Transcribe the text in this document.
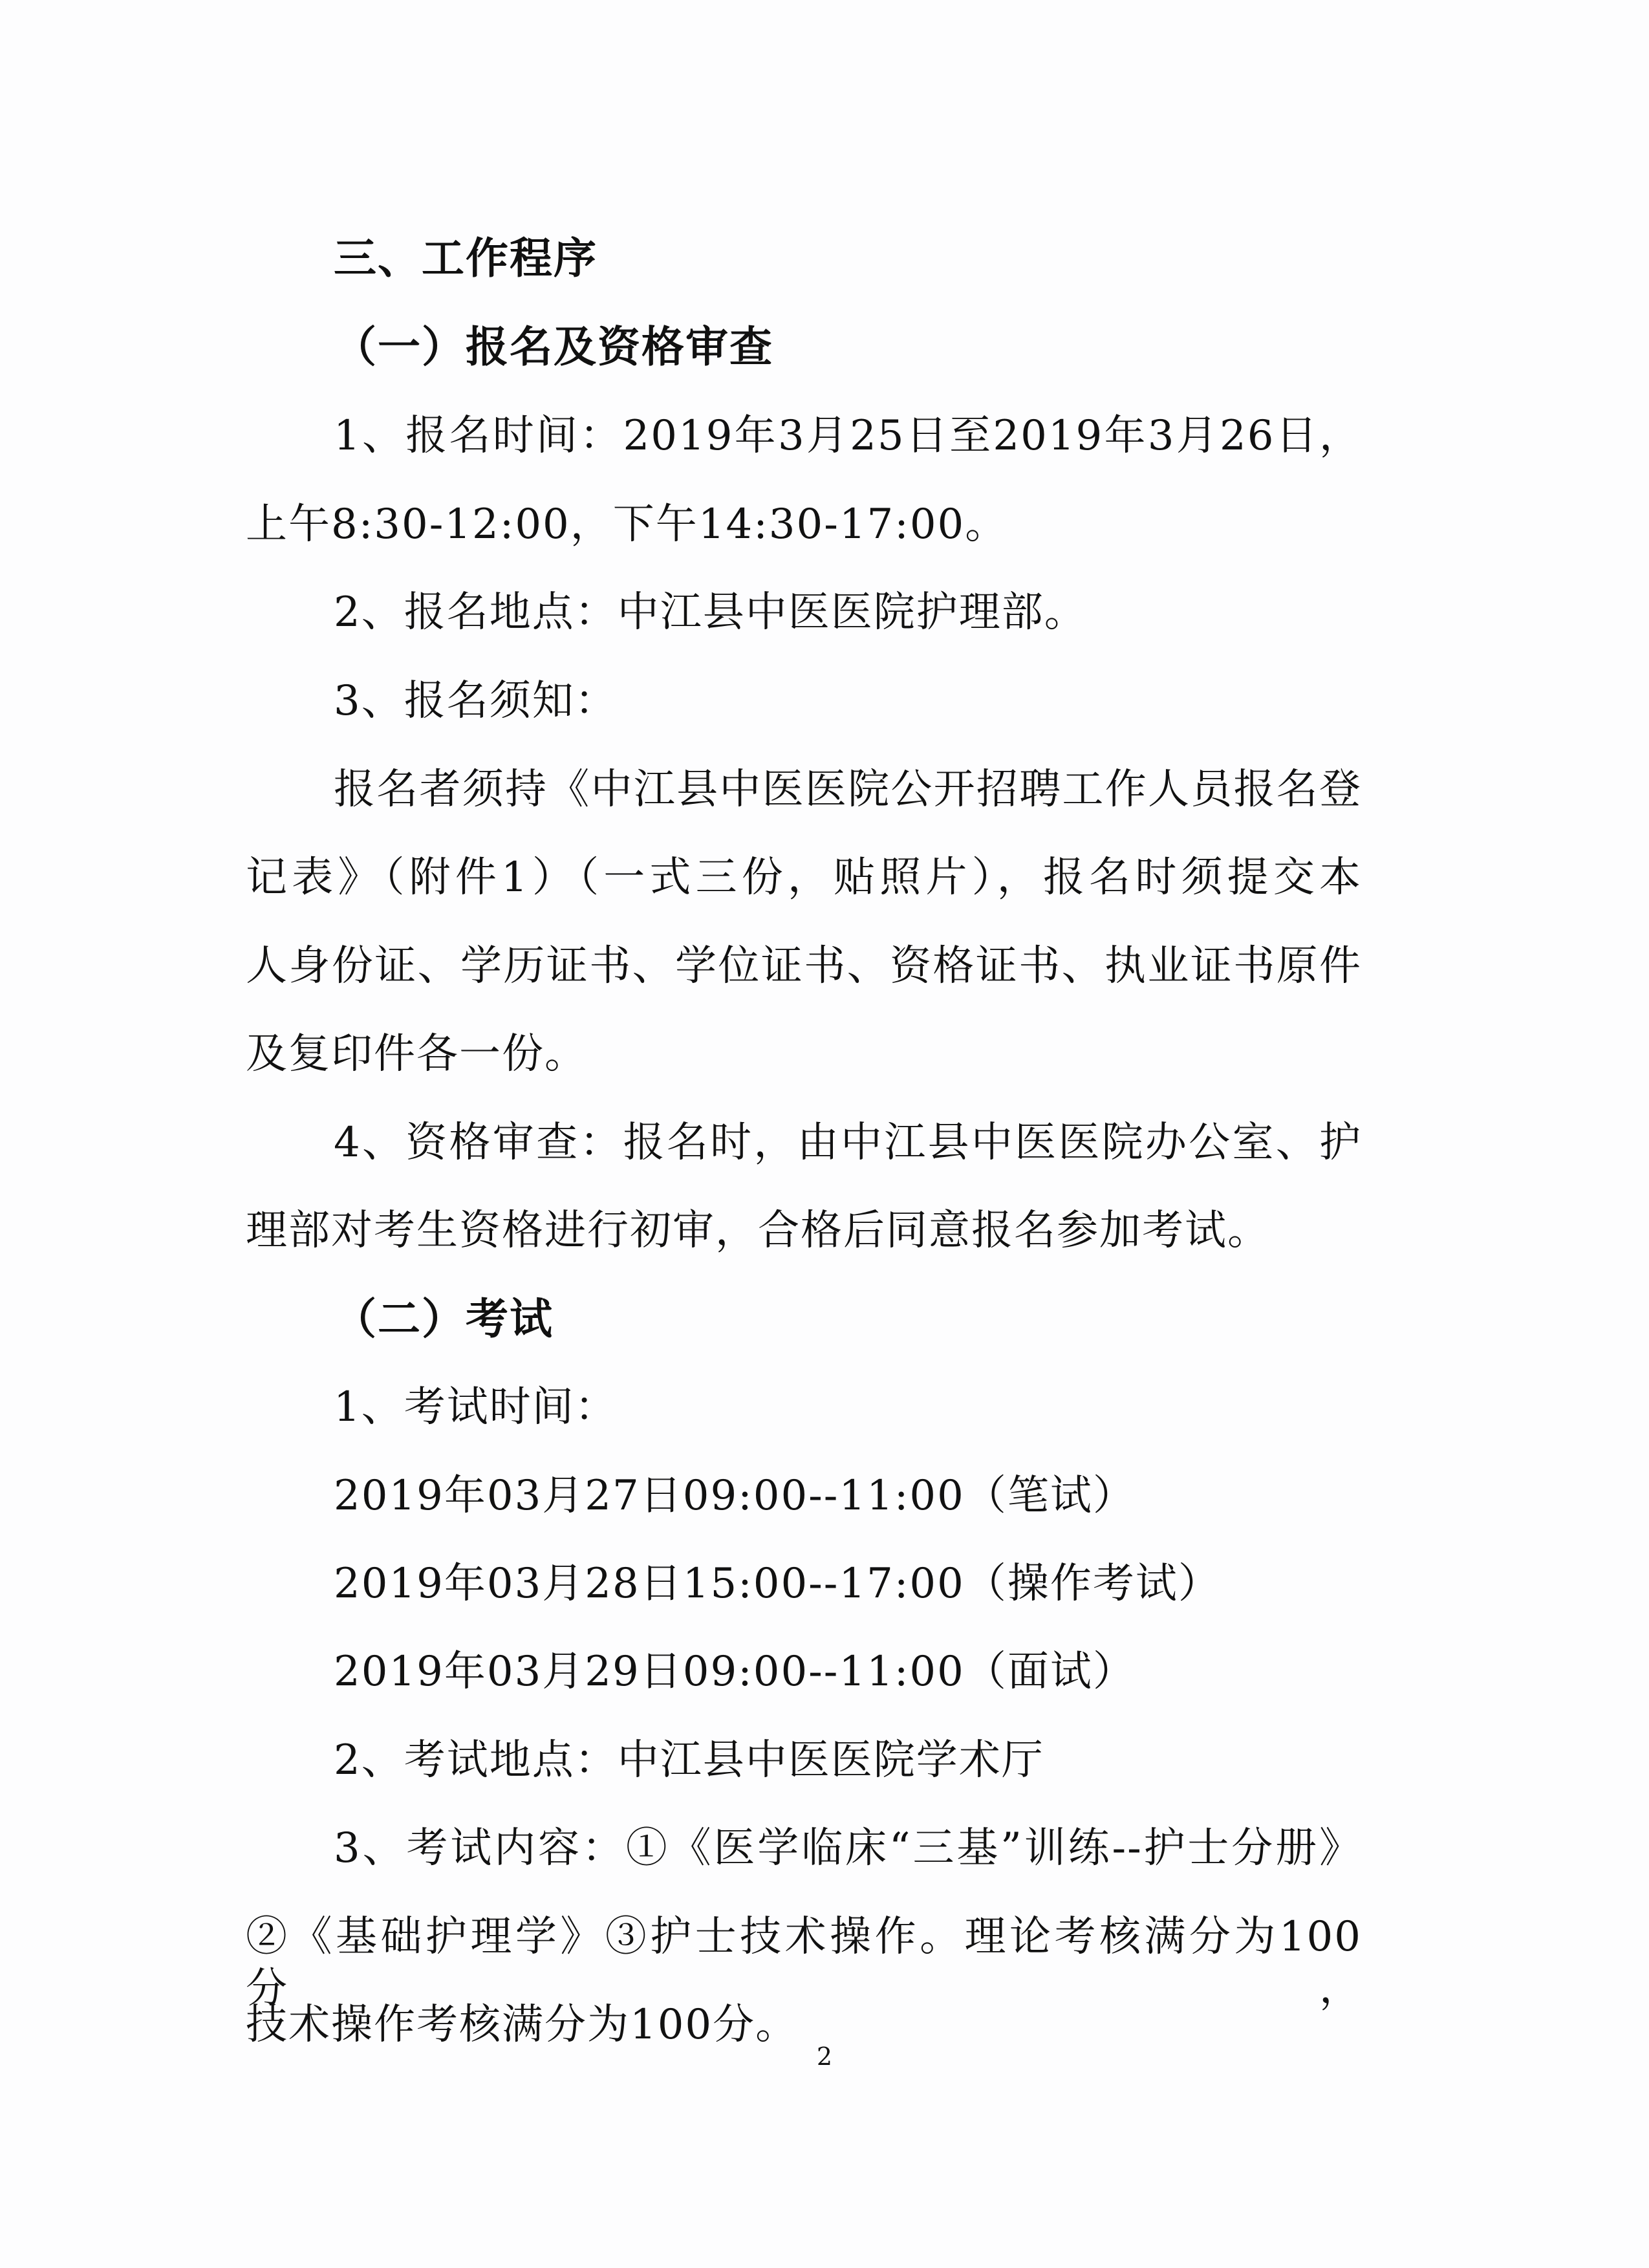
三、工作程序
（一）报名及资格审查
1、报名时间：2019年3月25日至2019年3月26日，
上午8:30-12:00，下午14:30-17:00。
2、报名地点：中江县中医医院护理部。
3、报名须知：
报名者须持《中江县中医医院公开招聘工作人员报名登
记表》（附件1）（一式三份，贴照片），报名时须提交本
人身份证、学历证书、学位证书、资格证书、执业证书原件
及复印件各一份。
4、资格审查：报名时，由中江县中医医院办公室、护
理部对考生资格进行初审，合格后同意报名参加考试。
（二）考试
1、考试时间：
2019年03月27日09:00--11:00（笔试）
2019年03月28日15:00--17:00（操作考试）
2019年03月29日09:00--11:00（面试）
2、考试地点：中江县中医医院学术厅
3、考试内容：①《医学临床“三基”训练--护士分册》
②《基础护理学》③护士技术操作。理论考核满分为100分，
技术操作考核满分为100分。
2
